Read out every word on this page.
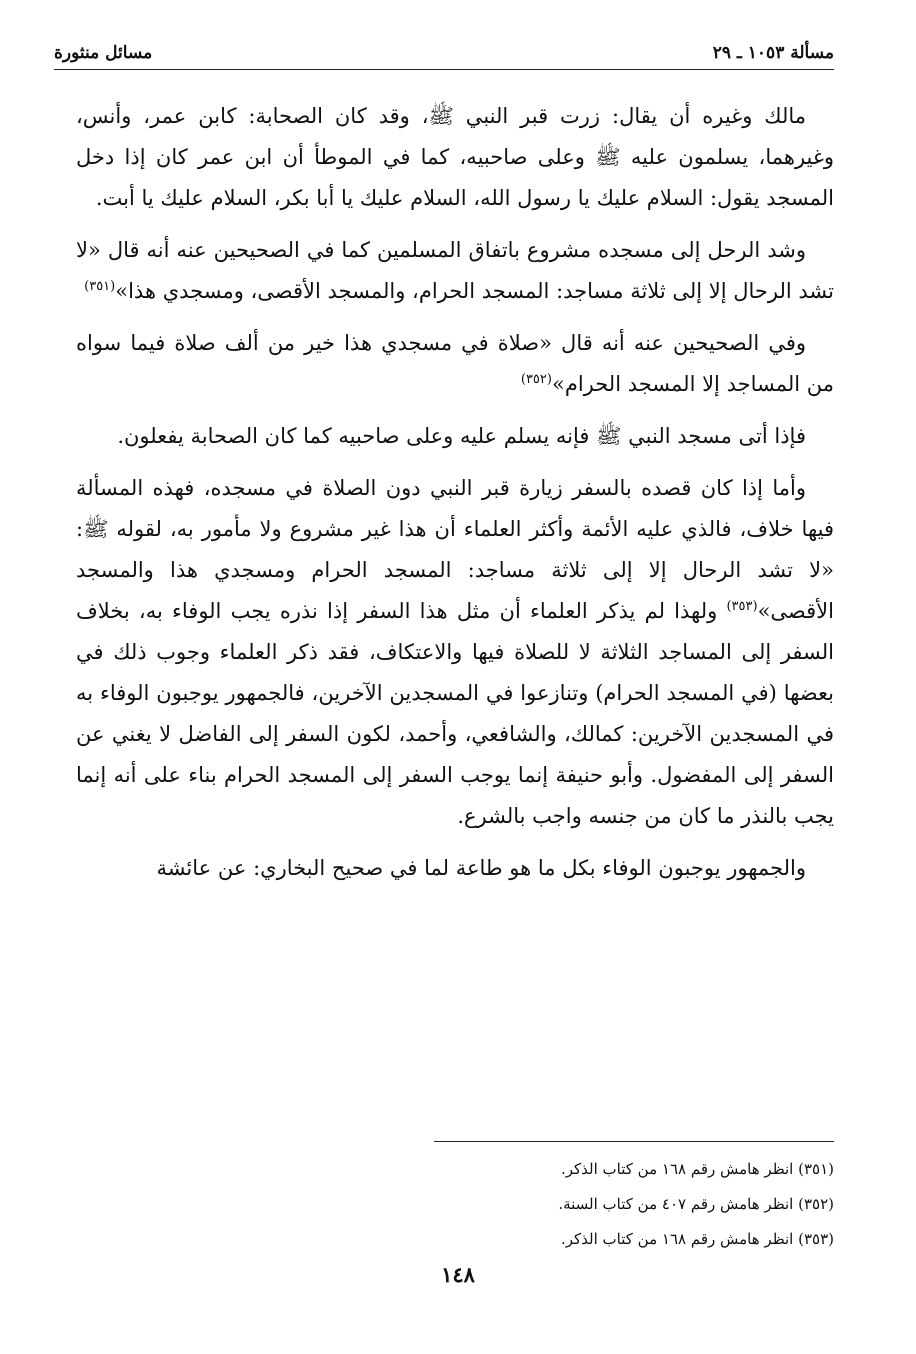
مسألة ١٠٥٣ ـ ٢٩
مسائل منثورة

مالك وغيره أن يقال: زرت قبر النبي ﷺ، وقد كان الصحابة: كابن عمر، وأنس، وغيرهما، يسلمون عليه ﷺ وعلى صاحبيه، كما في الموطأ أن ابن عمر كان إذا دخل المسجد يقول: السلام عليك يا رسول الله، السلام عليك يا أبا بكر، السلام عليك يا أبت.

وشد الرحل إلى مسجده مشروع باتفاق المسلمين كما في الصحيحين عنه أنه قال «لا تشد الرحال إلا إلى ثلاثة مساجد: المسجد الحرام، والمسجد الأقصى، ومسجدي هذا»$^{(٣٥١)}$

وفي الصحيحين عنه أنه قال «صلاة في مسجدي هذا خير من ألف صلاة فيما سواه من المساجد إلا المسجد الحرام»$^{(٣٥٢)}$

فإذا أتى مسجد النبي ﷺ فإنه يسلم عليه وعلى صاحبيه كما كان الصحابة يفعلون.

وأما إذا كان قصده بالسفر زيارة قبر النبي دون الصلاة في مسجده، فهذه المسألة فيها خلاف، فالذي عليه الأئمة وأكثر العلماء أن هذا غير مشروع ولا مأمور به، لقوله ﷺ: «لا تشد الرحال إلا إلى ثلاثة مساجد: المسجد الحرام ومسجدي هذا والمسجد الأقصى»$^{(٣٥٣)}$ ولهذا لم يذكر العلماء أن مثل هذا السفر إذا نذره يجب الوفاء به، بخلاف السفر إلى المساجد الثلاثة لا للصلاة فيها والاعتكاف، فقد ذكر العلماء وجوب ذلك في بعضها (في المسجد الحرام) وتنازعوا في المسجدين الآخرين، فالجمهور يوجبون الوفاء به في المسجدين الآخرين: كمالك، والشافعي، وأحمد، لكون السفر إلى الفاضل لا يغني عن السفر إلى المفضول. وأبو حنيفة إنما يوجب السفر إلى المسجد الحرام بناء على أنه إنما يجب بالنذر ما كان من جنسه واجب بالشرع.

والجمهور يوجبون الوفاء بكل ما هو طاعة لما في صحيح البخاري: عن عائشة

(٣٥١) انظر هامش رقم ١٦٨ من كتاب الذكر.
(٣٥٢) انظر هامش رقم ٤٠٧ من كتاب السنة.
(٣٥٣) انظر هامش رقم ١٦٨ من كتاب الذكر.
١٤٨
